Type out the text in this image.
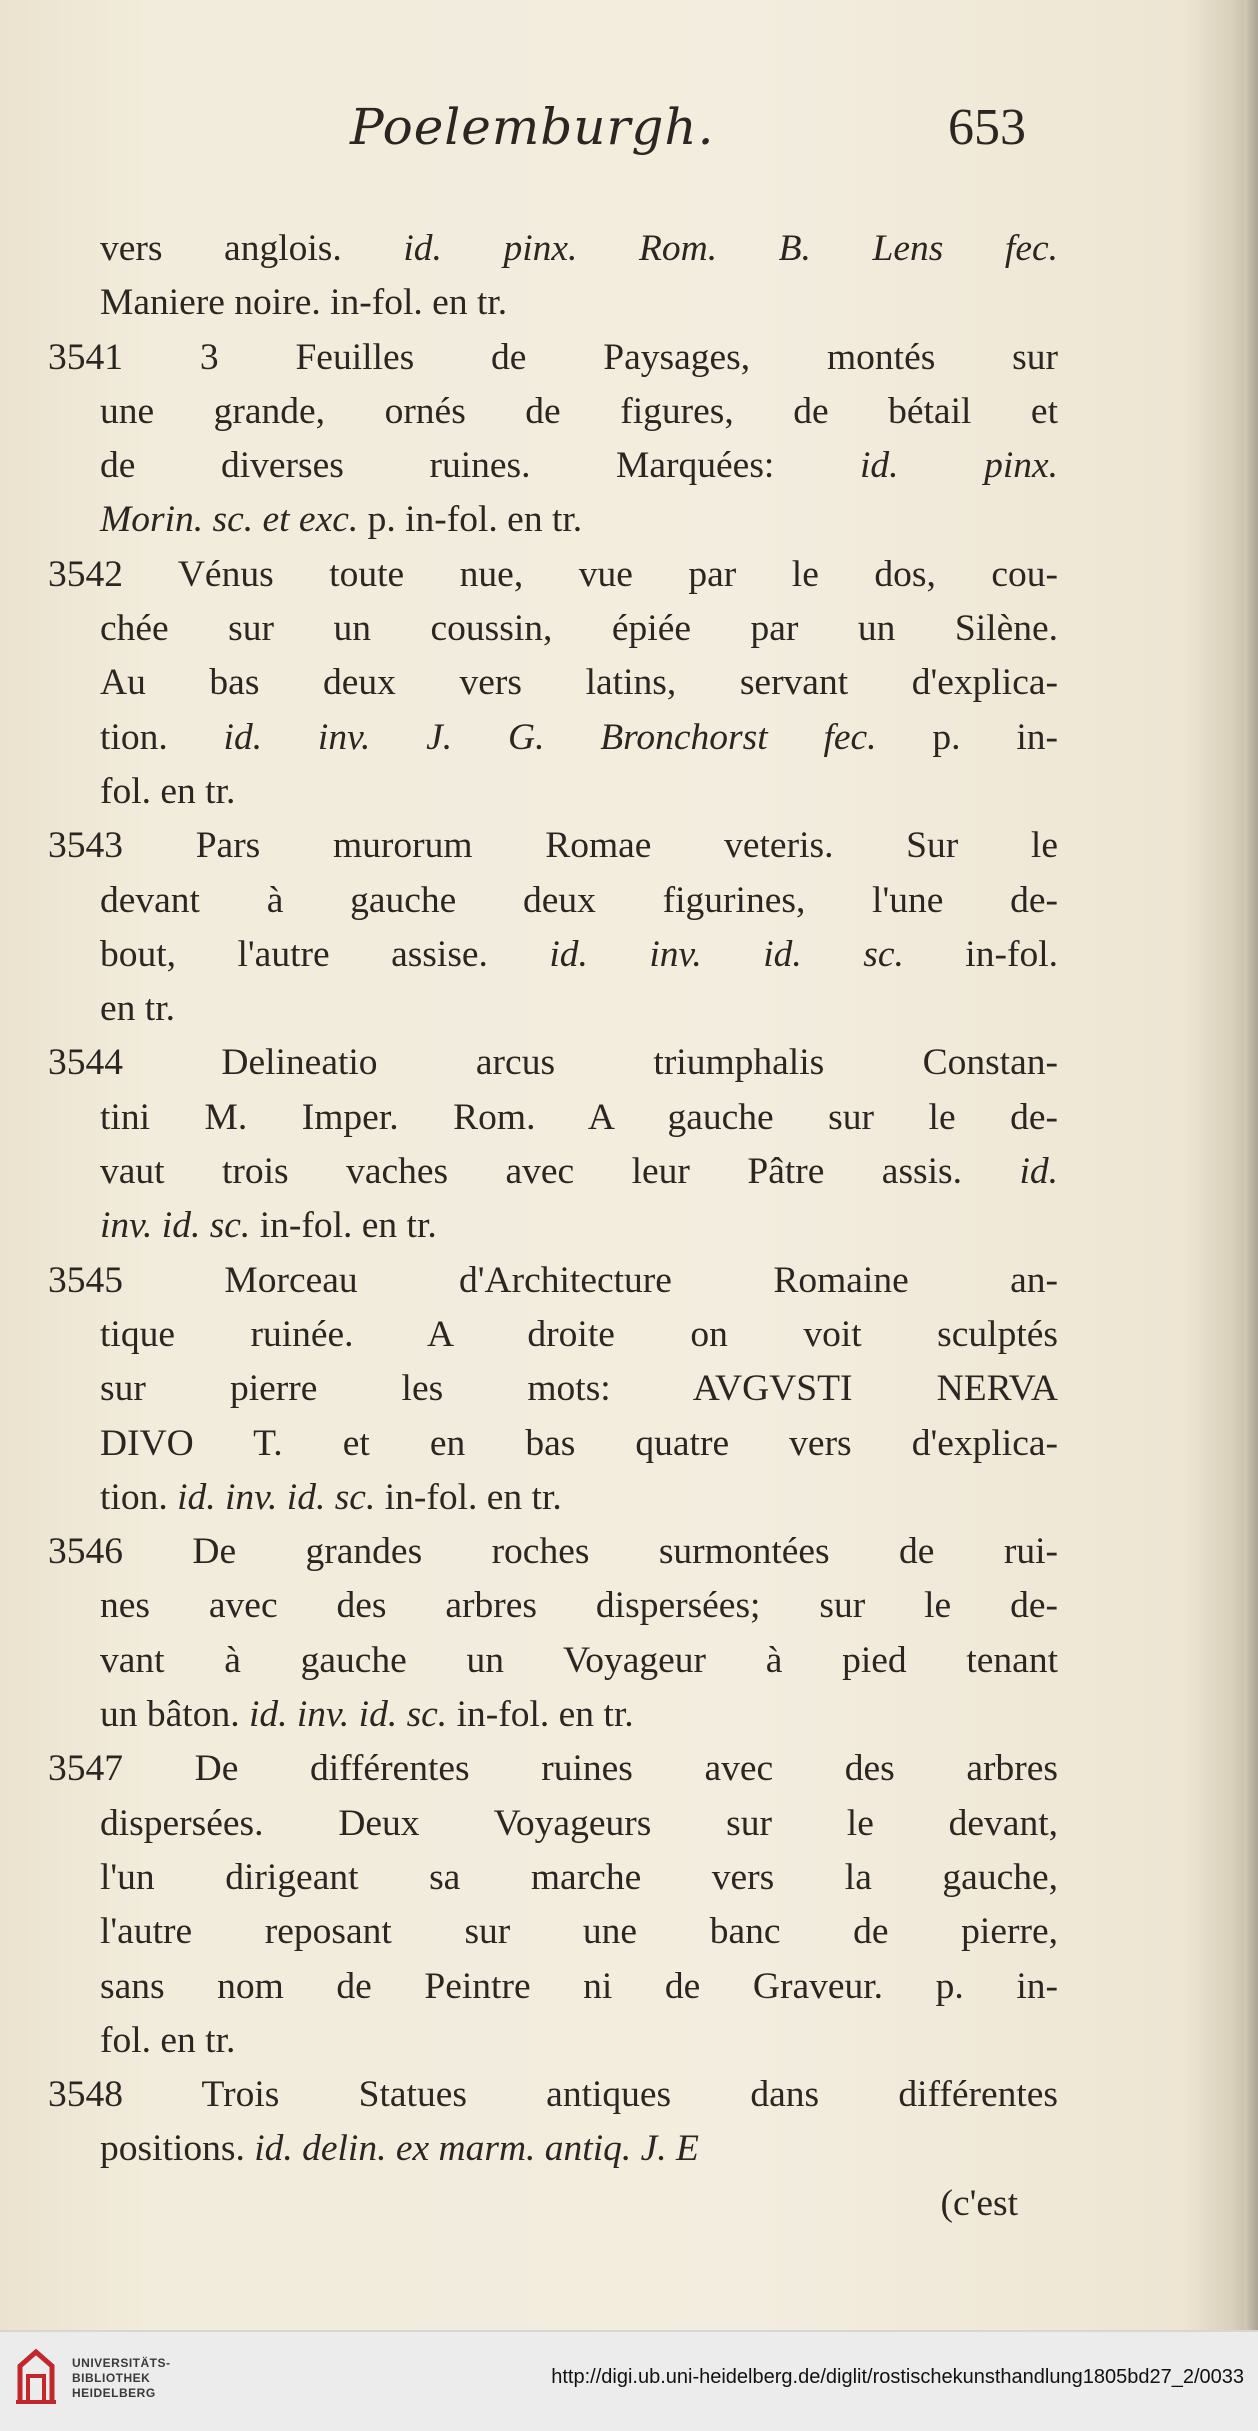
Poelemburgh.	653
vers anglois. id. pinx. Rom. B. Lens fec.
Maniere noire. in-fol. en tr.
3541 3 Feuilles de Paysages, montés sur
une grande, ornés de figures, de bétail et
de diverses ruines. Marquées: id. pinx.
Morin. sc. et exc. p. in-fol. en tr.
3542 Vénus toute nue, vue par le dos, cou-
chée sur un coussin, épiée par un Silène.
Au bas deux vers latins, servant d'explica-
tion. id. inv. J. G. Bronchorst fec. p. in-
fol. en tr.
3543 Pars murorum Romae veteris. Sur le
devant à gauche deux figurines, l'une de-
bout, l'autre assise. id. inv. id. sc. in-fol.
en tr.
3544 Delineatio arcus triumphalis Constan-
tini M. Imper. Rom. A gauche sur le de-
vaut trois vaches avec leur Pâtre assis. id.
inv. id. sc. in-fol. en tr.
3545 Morceau d'Architecture Romaine an-
tique ruinée. A droite on voit sculptés
sur pierre les mots: AVGVSTI NERVA
DIVO T. et en bas quatre vers d'explica-
tion. id. inv. id. sc. in-fol. en tr.
3546 De grandes roches surmontées de rui-
nes avec des arbres dispersées; sur le de-
vant à gauche un Voyageur à pied tenant
un bâton. id. inv. id. sc. in-fol. en tr.
3547 De différentes ruines avec des arbres
dispersées. Deux Voyageurs sur le devant,
l'un dirigeant sa marche vers la gauche,
l'autre reposant sur une banc de pierre,
sans nom de Peintre ni de Graveur. p. in-
fol. en tr.
3548 Trois Statues antiques dans différentes
positions. id. delin. ex marm. antiq. J. E
(c'est
UNIVERSITÄTS-
BIBLIOTHEK
HEIDELBERG
http://digi.ub.uni-heidelberg.de/diglit/rostischekunsthandlung1805bd27_2/0033
